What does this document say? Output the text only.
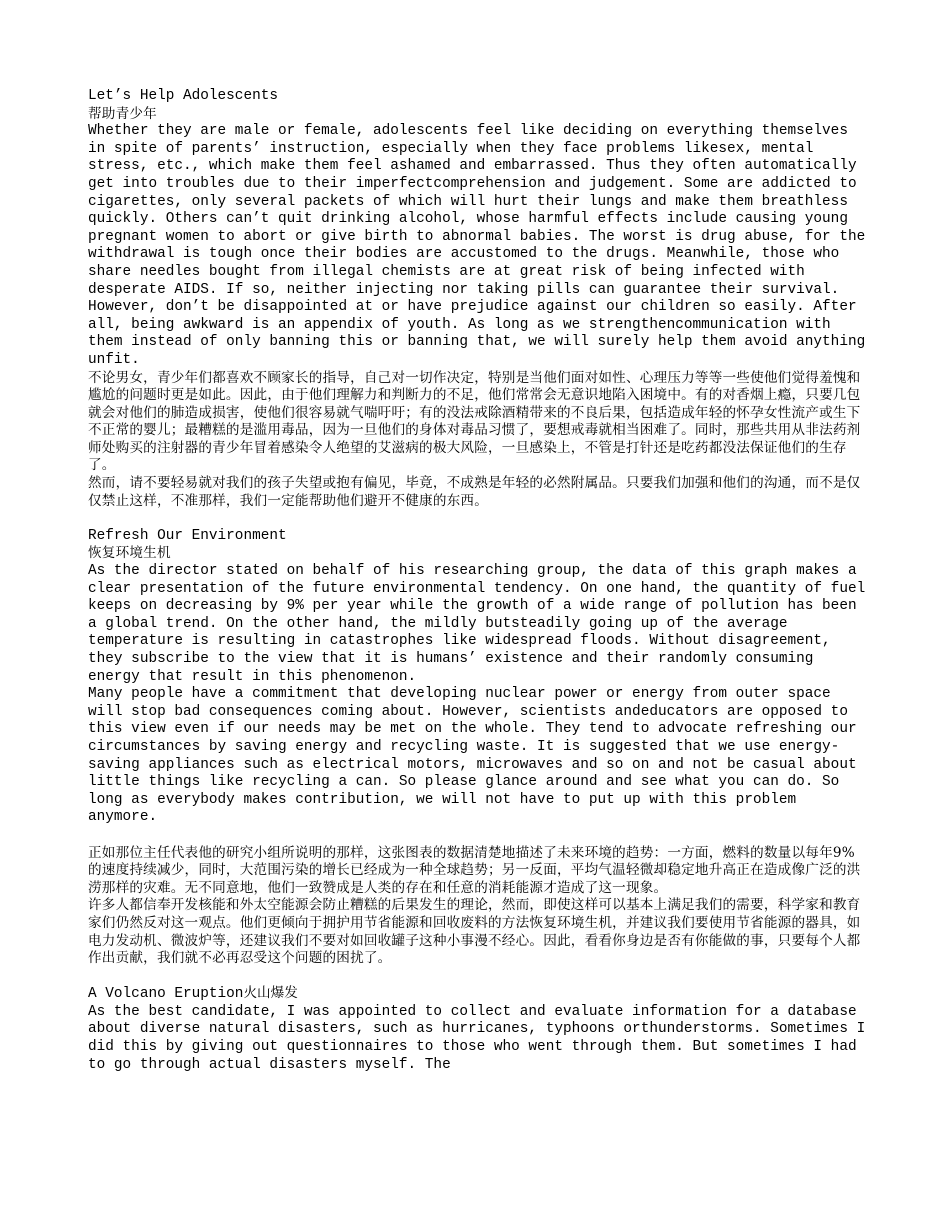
Let’s Help Adolescents

帮助青少年

Whether they are male or female, adolescents feel like deciding on everything themselves in spite of parents’ instruction, especially when they face problems likesex, mental stress, etc., which make them feel ashamed and embarrassed. Thus they often automatically get into troubles due to their imperfectcomprehension and judgement. Some are addicted to cigarettes, only several packets of which will hurt their lungs and make them breathless quickly. Others can’t quit drinking alcohol, whose harmful effects include causing young pregnant women to abort or give birth to abnormal babies. The worst is drug abuse, for the withdrawal is tough once their bodies are accustomed to the drugs. Meanwhile, those who share needles bought from illegal chemists are at great risk of being infected with desperate AIDS. If so, neither injecting nor taking pills can guarantee their survival.

However, don’t be disappointed at or have prejudice against our children so easily. After all, being awkward is an appendix of youth. As long as we strengthencommunication with them instead of only banning this or banning that, we will surely help them avoid anything unfit.

不论男女，青少年们都喜欢不顾家长的指导，自己对一切作决定，特别是当他们面对如性、心理压力等等一些使他们觉得羞愧和尴尬的问题时更是如此。因此，由于他们理解力和判断力的不足，他们常常会无意识地陷入困境中。有的对香烟上瘾，只要几包就会对他们的肺造成损害，使他们很容易就气喘吁吁；有的没法戒除酒精带来的不良后果，包括造成年轻的怀孕女性流产或生下不正常的婴儿；最糟糕的是滥用毒品，因为一旦他们的身体对毒品习惯了，要想戒毒就相当困难了。同时，那些共用从非法药剂师处购买的注射器的青少年冒着感染令人绝望的艾滋病的极大风险，一旦感染上，不管是打针还是吃药都没法保证他们的生存了。

然而，请不要轻易就对我们的孩子失望或抱有偏见，毕竟，不成熟是年轻的必然附属品。只要我们加强和他们的沟通，而不是仅仅禁止这样，不准那样，我们一定能帮助他们避开不健康的东西。

Refresh Our Environment

恢复环境生机

As the director stated on behalf of his researching group, the data of this graph makes a clear presentation of the future environmental tendency. On one hand, the quantity of fuel keeps on decreasing by 9% per year while the growth of a wide range of pollution has been a global trend. On the other hand, the mildly butsteadily going up of the average temperature is resulting in catastrophes like widespread floods. Without disagreement, they subscribe to the view that it is humans’ existence and their randomly consuming energy that result in this phenomenon.

Many people have a commitment that developing nuclear power or energy from outer space will stop bad consequences coming about. However, scientists andeducators are opposed to this view even if our needs may be met on the whole. They tend to advocate refreshing our circumstances by saving energy and recycling waste. It is suggested that we use energy-saving appliances such as electrical motors, microwaves and so on and not be casual about little things like recycling a can. So please glance around and see what you can do. So long as everybody makes contribution, we will not have to put up with this problem anymore.

正如那位主任代表他的研究小组所说明的那样，这张图表的数据清楚地描述了未来环境的趋势：一方面，燃料的数量以每年9%的速度持续减少，同时，大范围污染的增长已经成为一种全球趋势；另一反面，平均气温轻微却稳定地升高正在造成像广泛的洪涝那样的灾难。无不同意地，他们一致赞成是人类的存在和任意的消耗能源才造成了这一现象。

许多人都信奉开发核能和外太空能源会防止糟糕的后果发生的理论，然而，即使这样可以基本上满足我们的需要，科学家和教育家们仍然反对这一观点。他们更倾向于拥护用节省能源和回收废料的方法恢复环境生机，并建议我们要使用节省能源的器具，如电力发动机、微波炉等，还建议我们不要对如回收罐子这种小事漫不经心。因此，看看你身边是否有你能做的事，只要每个人都作出贡献，我们就不必再忍受这个问题的困扰了。

A Volcano Eruption火山爆发

As the best candidate, I was appointed to collect and evaluate information for a database about diverse natural disasters, such as hurricanes, typhoons orthunderstorms. Sometimes I did this by giving out questionnaires to those who went through them. But sometimes I had to go through actual disasters myself. The
